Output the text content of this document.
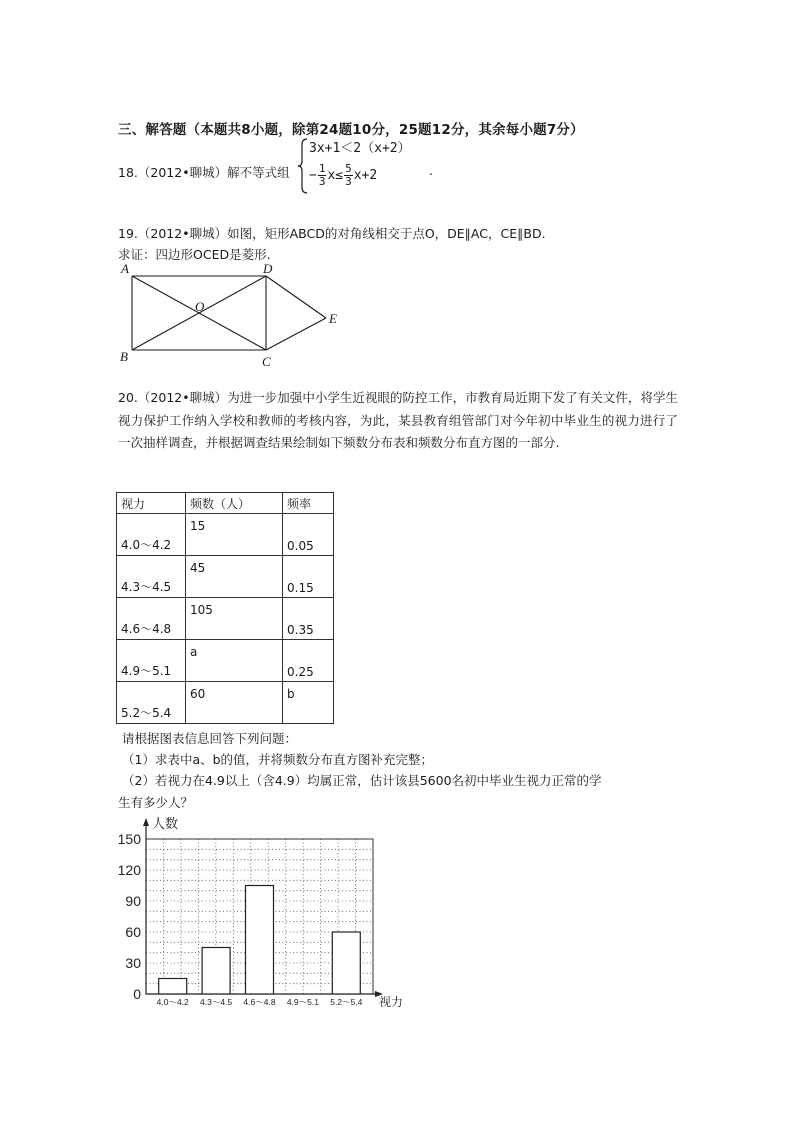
三、解答题（本题共8小题，除第24题10分，25题12分，其余每小题7分）
18.（2012•聊城）解不等式组
3x+1＜2（x+2）
− $\frac{1}{3} x\le \frac{5}{3} x+2$	.
19.（2012•聊城）如图，矩形ABCD的对角线相交于点O，DE∥AC，CE∥BD.
求证：四边形OCED是菱形.
A	D
B	C
O
E
20.（2012•聊城）为进一步加强中小学生近视眼的防控工作，市教育局近期下发了有关文件，将学生视力保护工作纳入学校和教师的考核内容，为此，某县教育组管部门对今年初中毕业生的视力进行了一次抽样调查，并根据调查结果绘制如下频数分布表和频数分布直方图的一部分.
视力	频数（人）	频率

4.0～4.2	15	0.05

4.3～4.5	45	0.15

4.6～4.8	105	0.35

4.9～5.1	a	0.25

5.2～5.4	60	b
请根据图表信息回答下列问题：
（1）求表中a、b的值，并将频数分布直方图补充完整；
（2）若视力在4.9以上（含4.9）均属正常，估计该县5600名初中毕业生视力正常的学
生有多少人？
0
30
60
90
120
150
人数
视力
4.0～4.2 4.3～4.5 4.6～4.8 4.9～5.1 5.2～5.4
